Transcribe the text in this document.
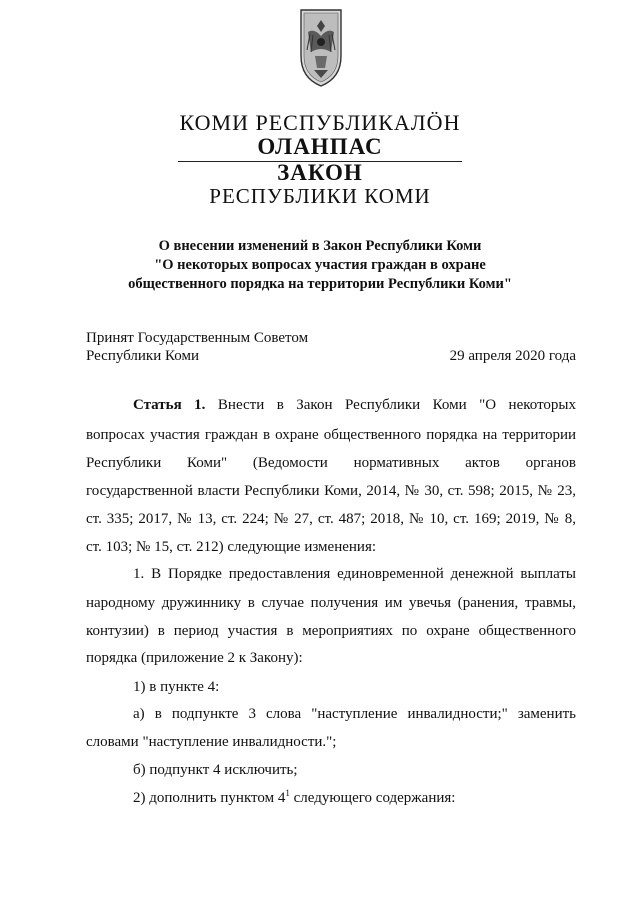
КОМИ РЕСПУБЛИКАЛÖН
ОЛАНПАС
ЗАКОН
РЕСПУБЛИКИ КОМИ
О внесении изменений в Закон Республики Коми
"О некоторых вопросах участия граждан в охране
общественного порядка на территории Республики Коми"
Принят Государственным Советом
Республики Коми	29 апреля 2020 года
Статья 1. Внести в Закон Республики Коми "О некоторых
вопросах участия граждан в охране общественного порядка на территории
Республики Коми" (Ведомости нормативных актов органов
государственной власти Республики Коми, 2014, № 30, ст. 598; 2015, № 23,
ст. 335; 2017, № 13, ст. 224; № 27, ст. 487; 2018, № 10, ст. 169; 2019, № 8,
ст. 103; № 15, ст. 212) следующие изменения:
1. В Порядке предоставления единовременной денежной выплаты
народному дружиннику в случае получения им увечья (ранения, травмы,
контузии) в период участия в мероприятиях по охране общественного
порядка (приложение 2 к Закону):
1) в пункте 4:
а) в подпункте 3 слова "наступление инвалидности;" заменить
словами "наступление инвалидности.";
б) подпункт 4 исключить;
2) дополнить пунктом $4^1$ следующего содержания:
